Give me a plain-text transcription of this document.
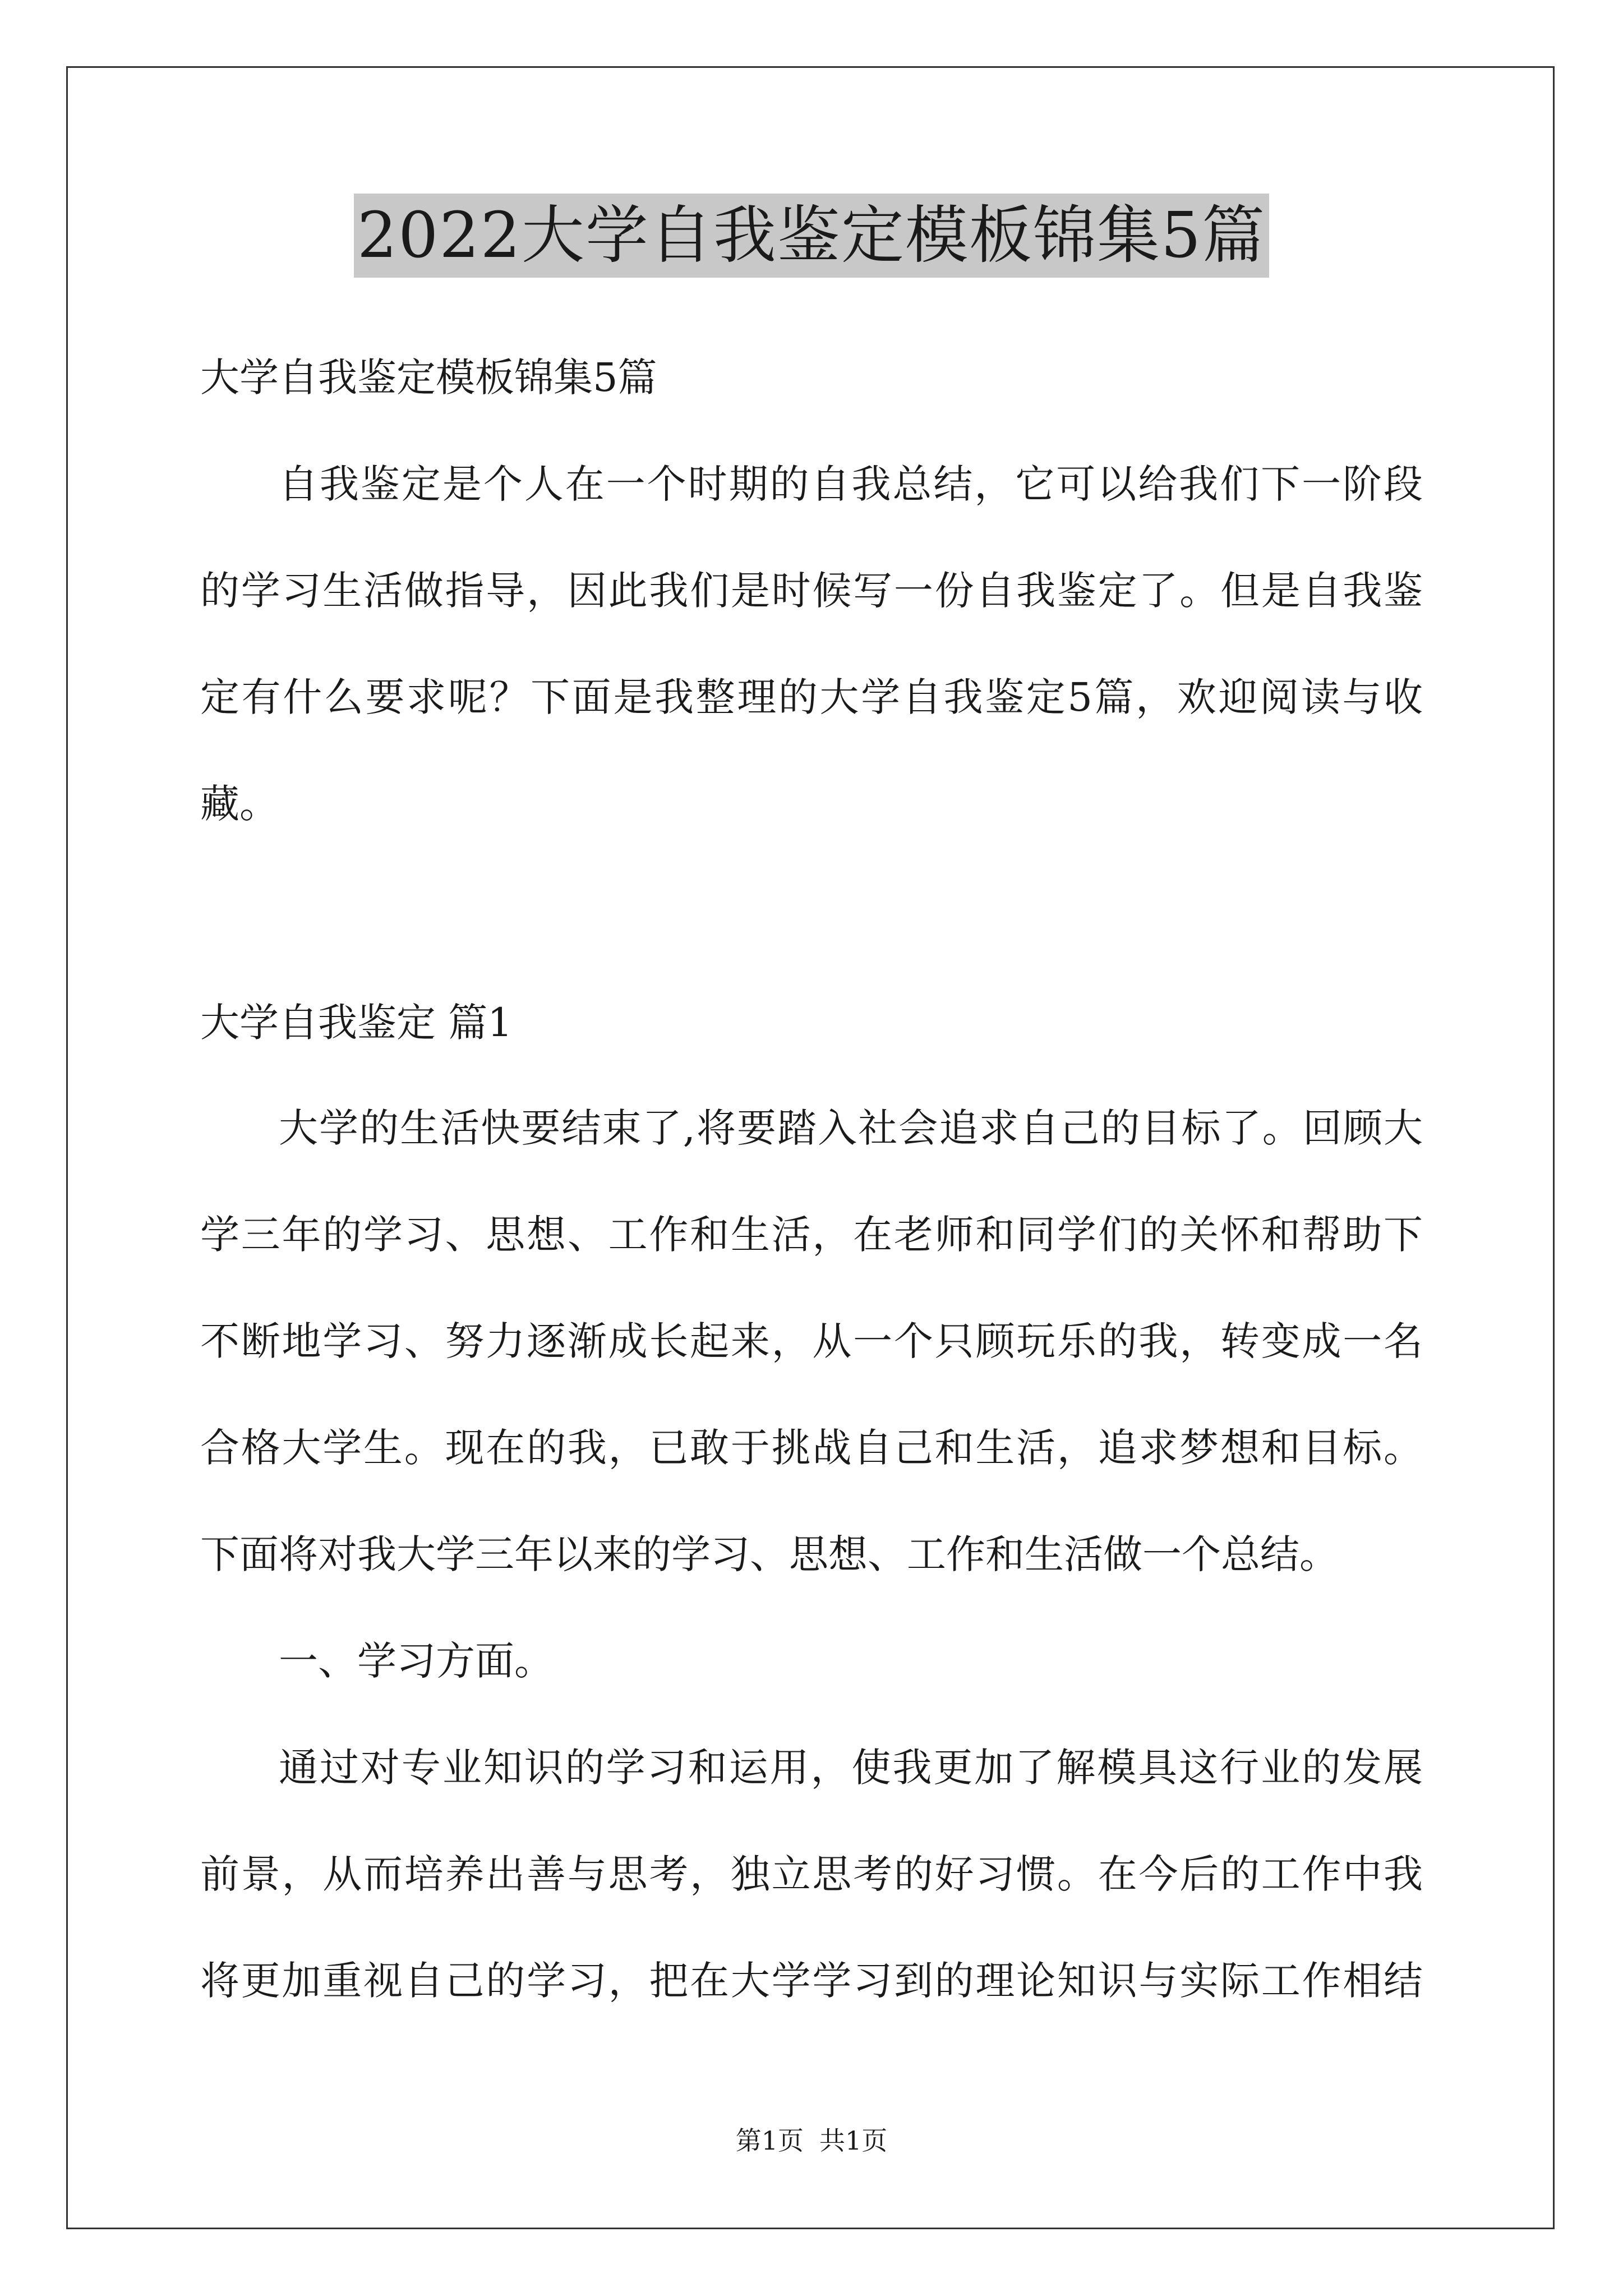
2022大学自我鉴定模板锦集5篇
大学自我鉴定模板锦集5篇
自我鉴定是个人在一个时期的自我总结，它可以给我们下一阶段
的学习生活做指导，因此我们是时候写一份自我鉴定了。但是自我鉴
定有什么要求呢？下面是我整理的大学自我鉴定5篇，欢迎阅读与收
藏。
大学自我鉴定 篇1
大学的生活快要结束了,将要踏入社会追求自己的目标了。回顾大
学三年的学习、思想、工作和生活，在老师和同学们的关怀和帮助下
不断地学习、努力逐渐成长起来，从一个只顾玩乐的我，转变成一名
合格大学生。现在的我，已敢于挑战自己和生活，追求梦想和目标。
下面将对我大学三年以来的学习、思想、工作和生活做一个总结。
一、学习方面。
通过对专业知识的学习和运用，使我更加了解模具这行业的发展
前景，从而培养出善与思考，独立思考的好习惯。在今后的工作中我
将更加重视自己的学习，把在大学学习到的理论知识与实际工作相结
第1页 共1页
